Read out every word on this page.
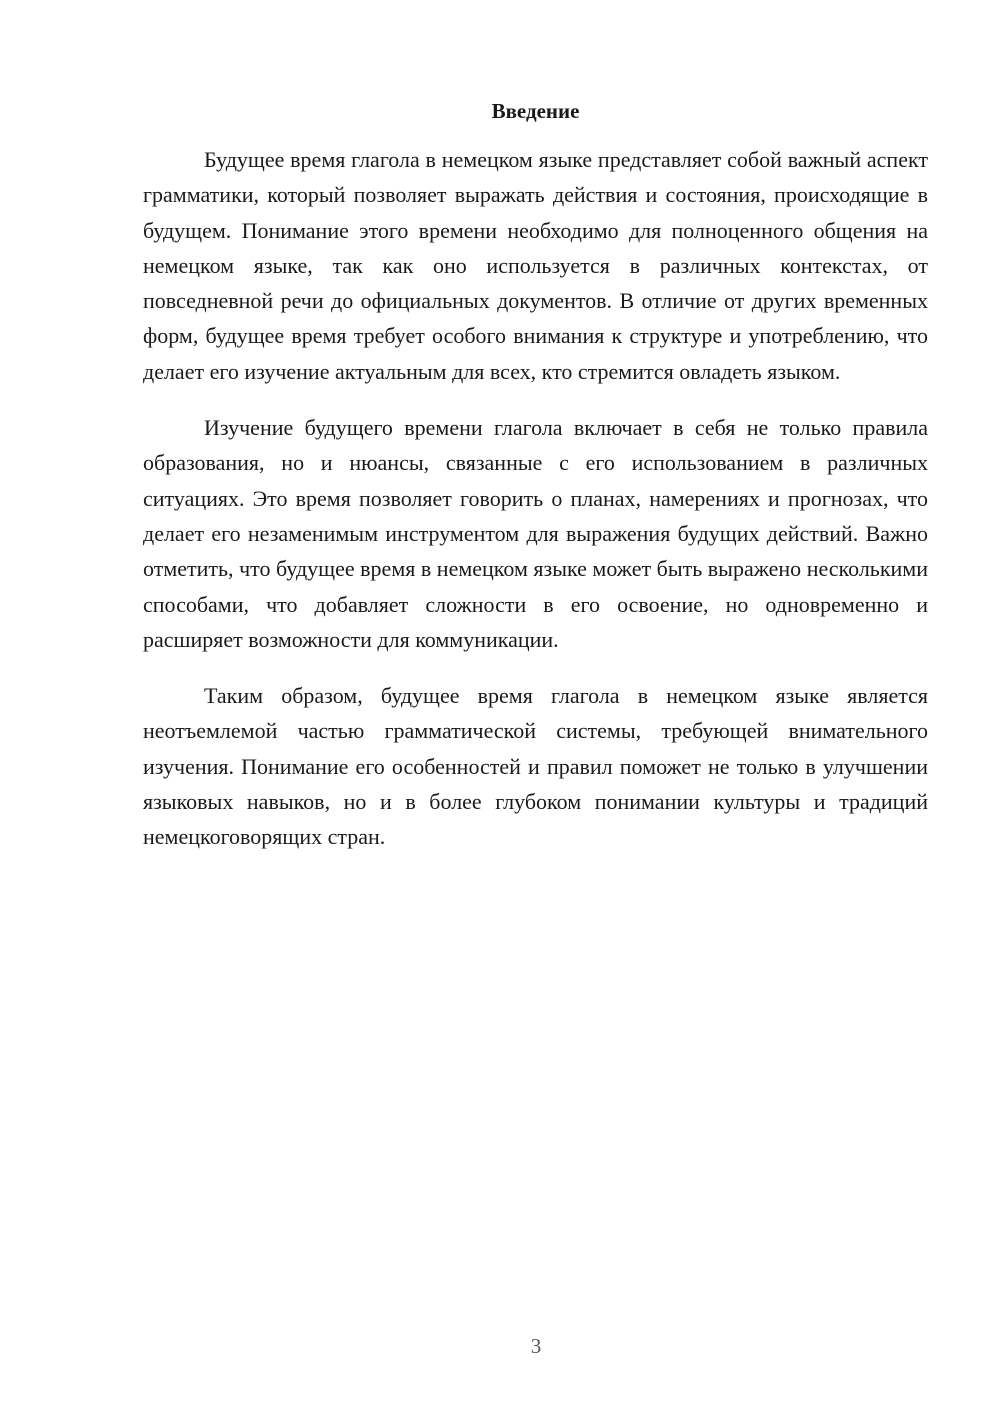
Введение

Будущее время глагола в немецком языке представляет собой важный аспект грамматики, который позволяет выражать действия и состояния, происходящие в будущем. Понимание этого времени необходимо для полноценного общения на немецком языке, так как оно используется в различных контекстах, от повседневной речи до официальных документов. В отличие от других временных форм, будущее время требует особого внимания к структуре и употреблению, что делает его изучение актуальным для всех, кто стремится овладеть языком.

Изучение будущего времени глагола включает в себя не только правила образования, но и нюансы, связанные с его использованием в различных ситуациях. Это время позволяет говорить о планах, намерениях и прогнозах, что делает его незаменимым инструментом для выражения будущих действий. Важно отметить, что будущее время в немецком языке может быть выражено несколькими способами, что добавляет сложности в его освоение, но одновременно и расширяет возможности для коммуникации.

Таким образом, будущее время глагола в немецком языке является неотъемлемой частью грамматической системы, требующей внимательного изучения. Понимание его особенностей и правил поможет не только в улучшении языковых навыков, но и в более глубоком понимании культуры и традиций немецкоговорящих стран.

3
